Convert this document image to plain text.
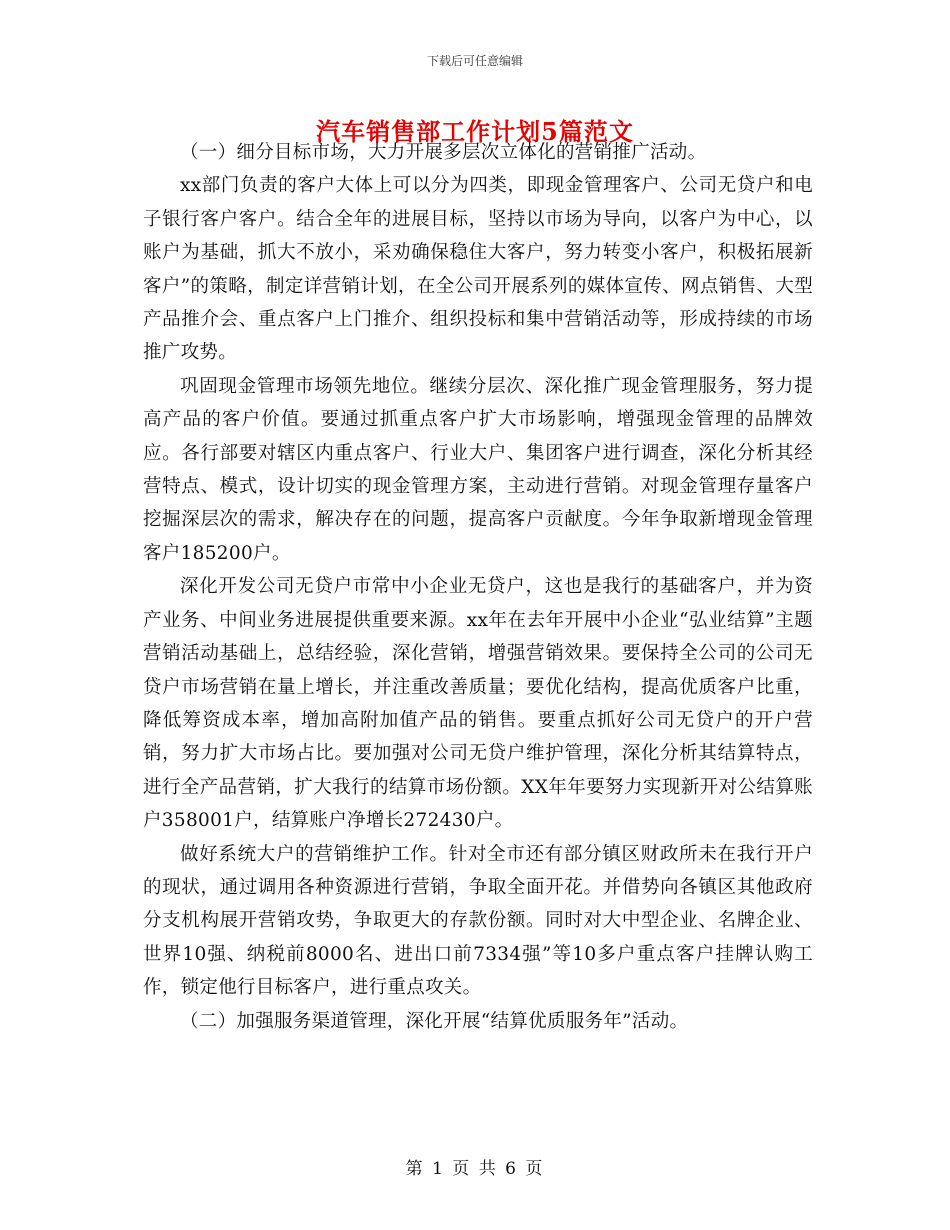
下载后可任意编辑
汽车销售部工作计划5篇范文

（一）细分目标市场，大力开展多层次立体化的营销推广活动。

xx部门负责的客户大体上可以分为四类，即现金管理客户、公司无贷户和电子银行客户客户。结合全年的进展目标，坚持以市场为导向，以客户为中心，以账户为基础，抓大不放小，采劝确保稳住大客户，努力转变小客户，积极拓展新客户”的策略，制定详营销计划，在全公司开展系列的媒体宣传、网点销售、大型产品推介会、重点客户上门推介、组织投标和集中营销活动等，形成持续的市场推广攻势。

巩固现金管理市场领先地位。继续分层次、深化推广现金管理服务，努力提高产品的客户价值。要通过抓重点客户扩大市场影响，增强现金管理的品牌效应。各行部要对辖区内重点客户、行业大户、集团客户进行调查，深化分析其经营特点、模式，设计切实的现金管理方案，主动进行营销。对现金管理存量客户挖掘深层次的需求，解决存在的问题，提高客户贡献度。今年争取新增现金管理客户185200户。

深化开发公司无贷户市常中小企业无贷户，这也是我行的基础客户，并为资产业务、中间业务进展提供重要来源。xx年在去年开展中小企业“弘业结算”主题营销活动基础上，总结经验，深化营销，增强营销效果。要保持全公司的公司无贷户市场营销在量上增长，并注重改善质量；要优化结构，提高优质客户比重，降低筹资成本率，增加高附加值产品的销售。要重点抓好公司无贷户的开户营销，努力扩大市场占比。要加强对公司无贷户维护管理，深化分析其结算特点，进行全产品营销，扩大我行的结算市场份额。XX年年要努力实现新开对公结算账户358001户，结算账户净增长272430户。

做好系统大户的营销维护工作。针对全市还有部分镇区财政所未在我行开户的现状，通过调用各种资源进行营销，争取全面开花。并借势向各镇区其他政府分支机构展开营销攻势，争取更大的存款份额。同时对大中型企业、名牌企业、世界10强、纳税前8000名、进出口前7334强”等10多户重点客户挂牌认购工作，锁定他行目标客户，进行重点攻关。

（二）加强服务渠道管理，深化开展“结算优质服务年”活动。

第 1 页 共 6 页
